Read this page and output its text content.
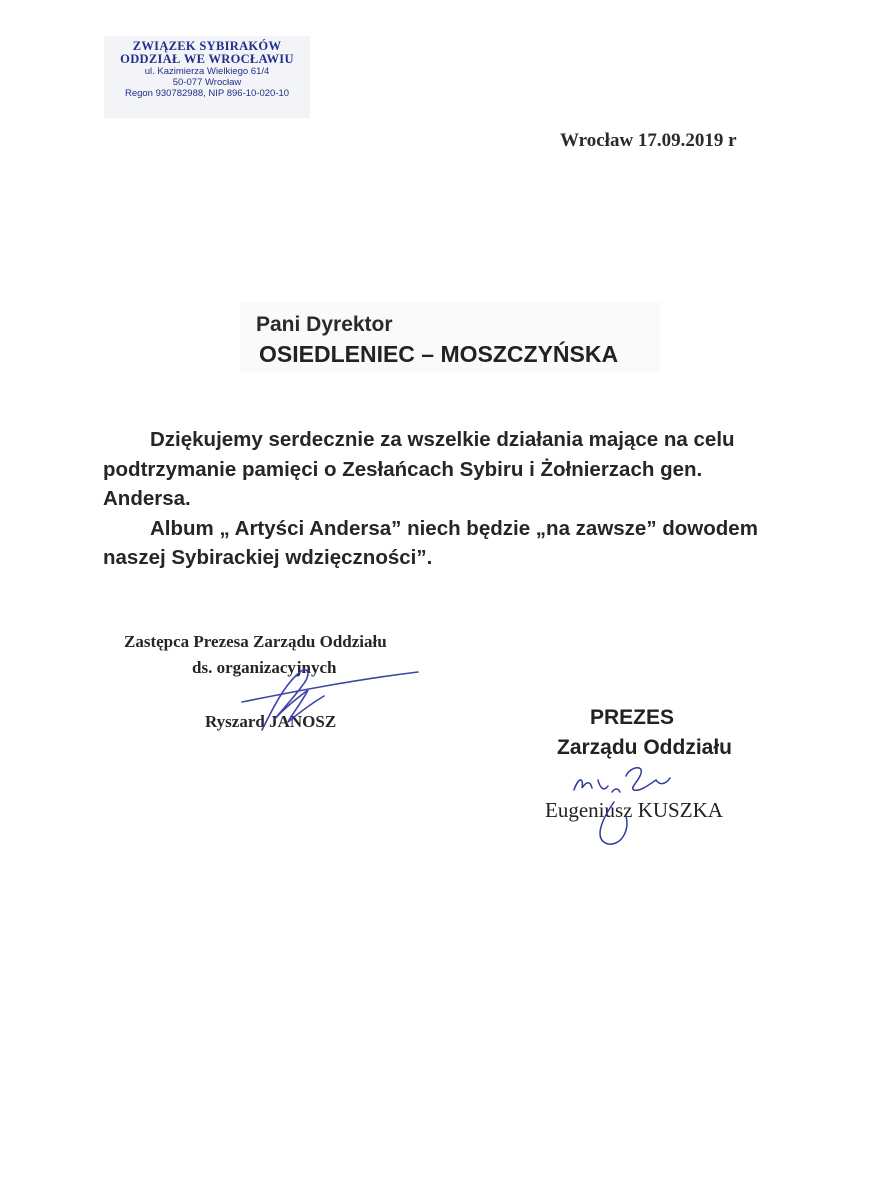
ZWIĄZEK SYBIRAKÓW
ODDZIAŁ WE WROCŁAWIU
ul. Kazimierza Wielkiego 61/4
50-077 Wrocław
Regon 930782988, NIP 896-10-020-10
Wrocław 17.09.2019 r
Pani Dyrektor
OSIEDLENIEC – MOSZCZYŃSKA

Dziękujemy serdecznie za wszelkie działania mające na celu podtrzymanie pamięci o Zesłańcach Sybiru i Żołnierzach gen. Andersa.

Album „ Artyści Andersa” niech będzie „na zawsze” dowodem naszej Sybirackiej wdzięczności”.

Zastępca Prezesa Zarządu Oddziału
ds. organizacyjnych
Ryszard JANOSZ	PREZES
Zarządu Oddziału
Eugeniusz KUSZKA
